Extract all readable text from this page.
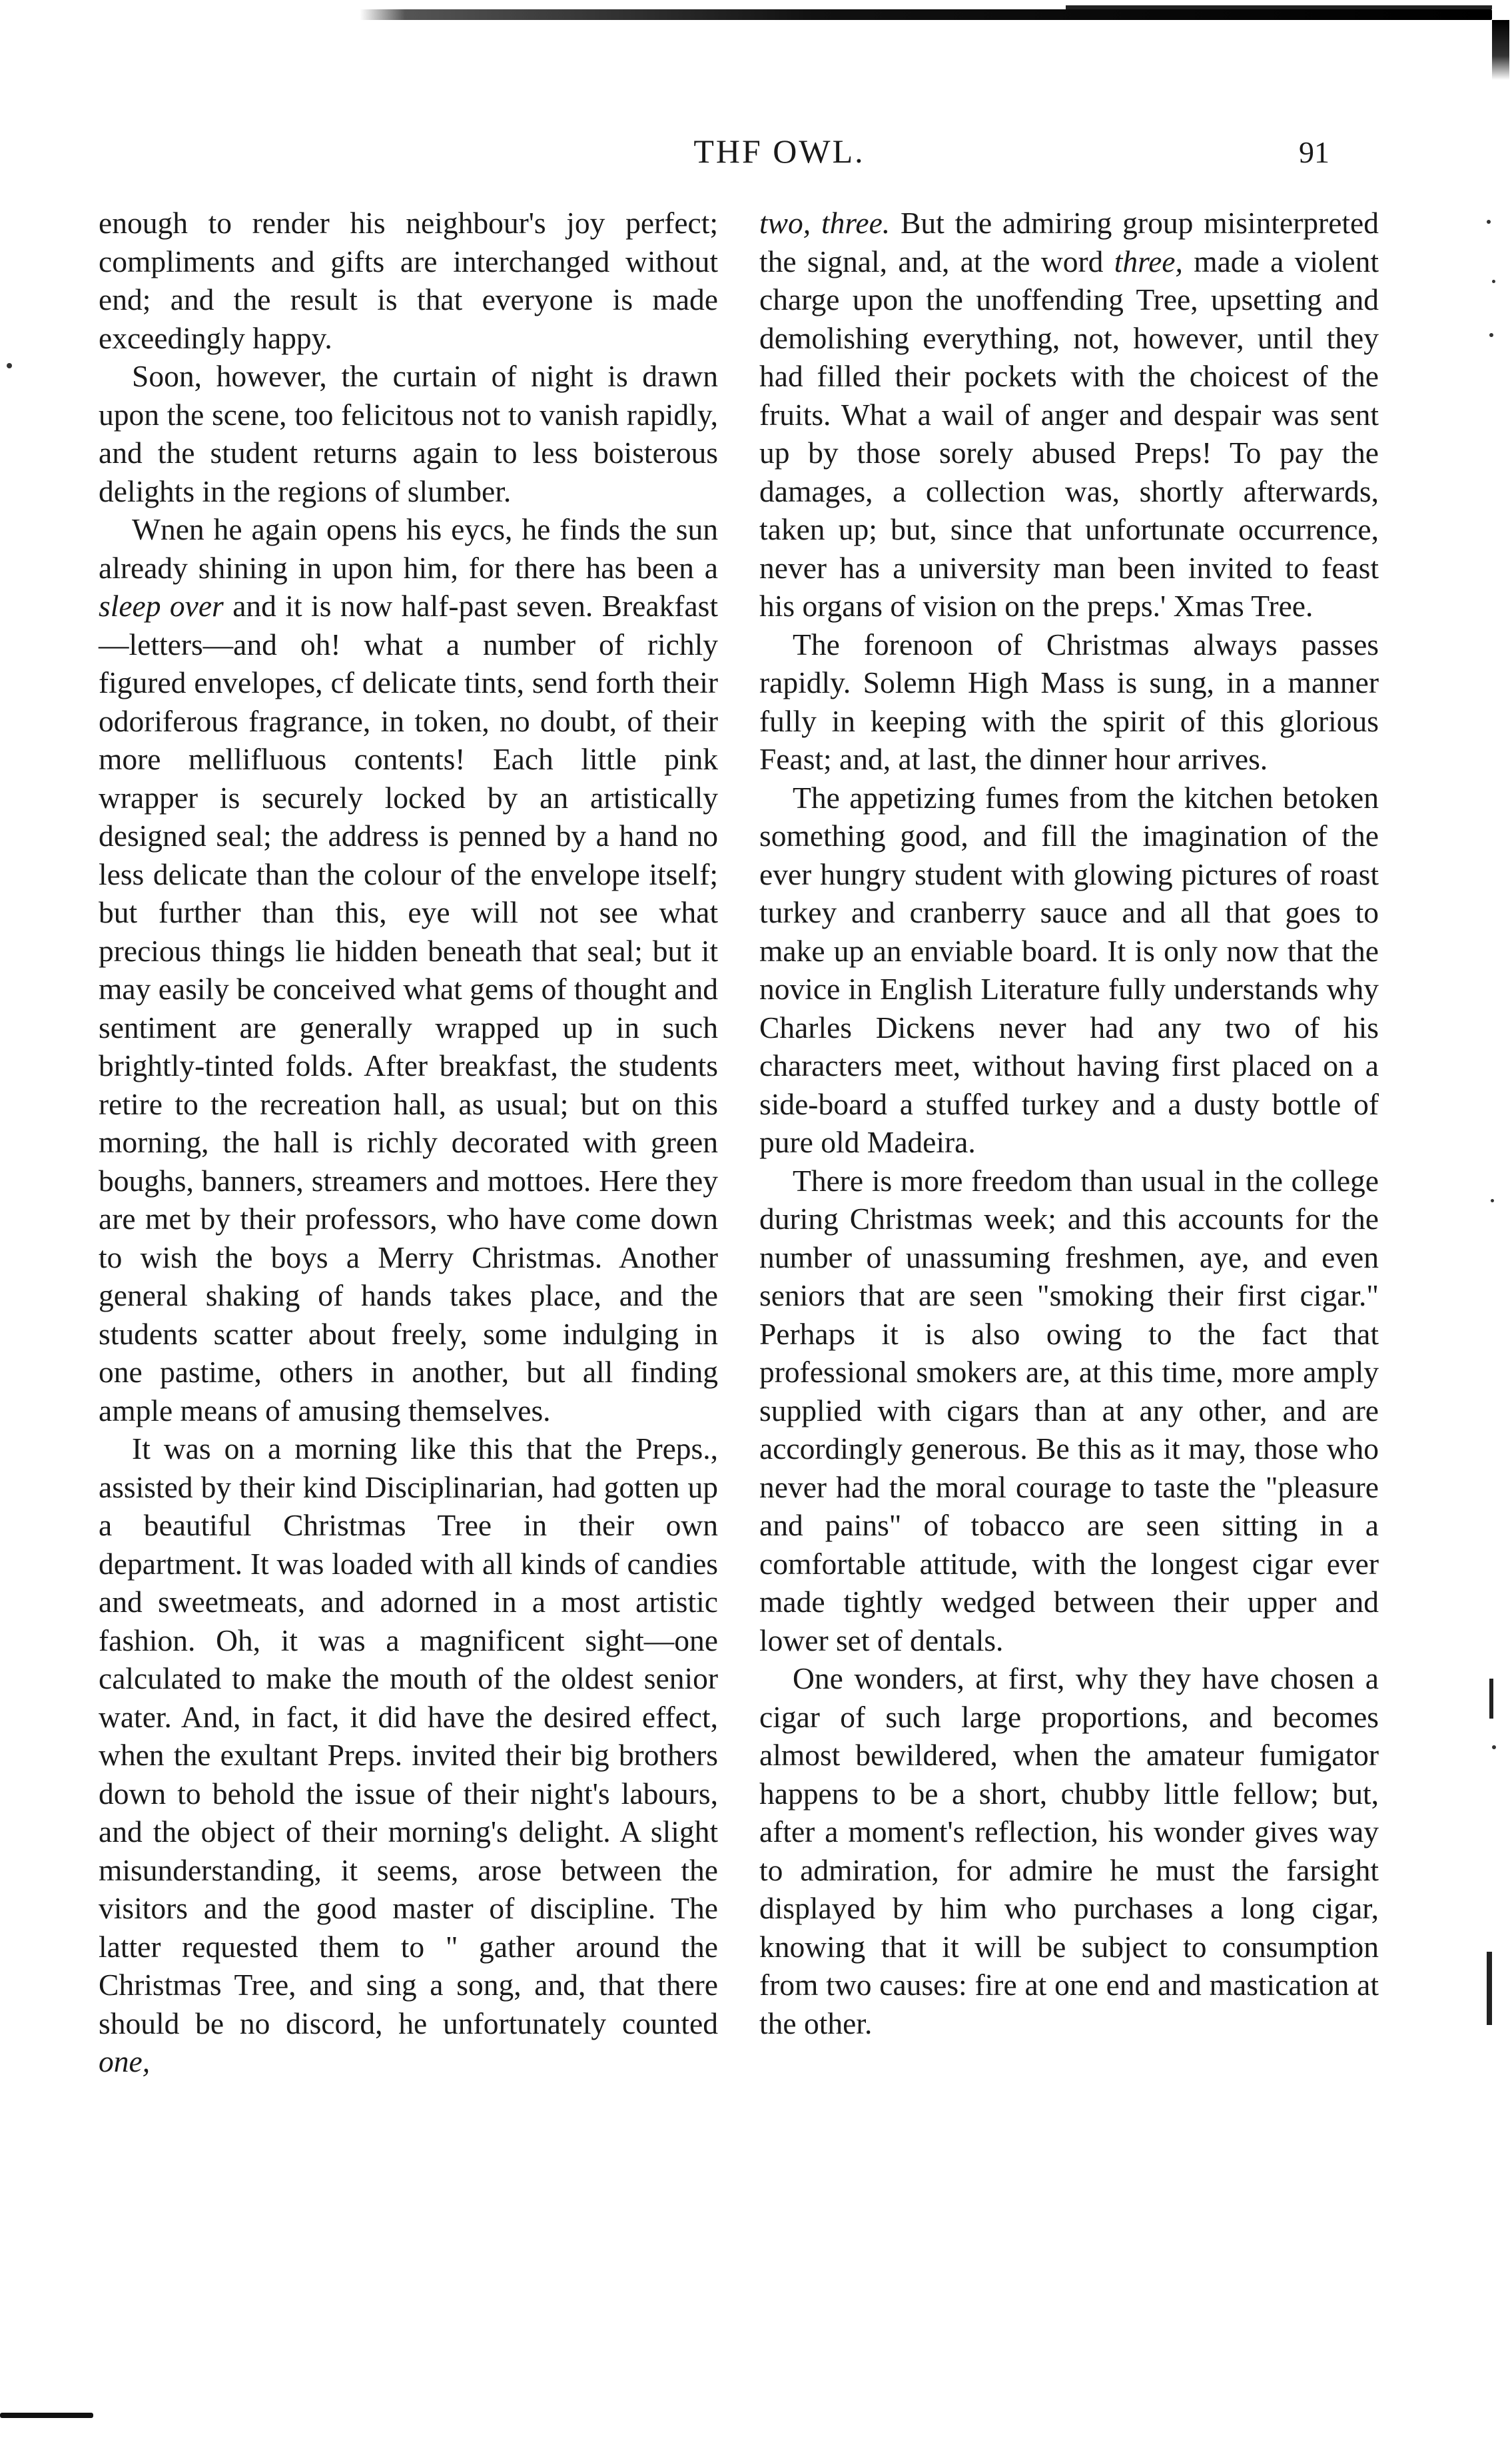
THF OWL.	91

enough to render his neighbour's joy perfect; compliments and gifts are interchanged without end; and the result is that everyone is made exceedingly happy.

Soon, however, the curtain of night is drawn upon the scene, too felicitous not to vanish rapidly, and the student returns again to less boisterous delights in the regions of slumber.

Wnen he again opens his eycs, he finds the sun already shining in upon him, for there has been a sleep over and it is now half-past seven. Breakfast—letters—and oh! what a number of richly figured envelopes, cf delicate tints, send forth their odoriferous fragrance, in token, no doubt, of their more mellifluous contents! Each little pink wrapper is securely locked by an artistically designed seal; the address is penned by a hand no less delicate than the colour of the envelope itself; but further than this, eye will not see what precious things lie hidden beneath that seal; but it may easily be conceived what gems of thought and sentiment are generally wrapped up in such brightly-tinted folds. After breakfast, the students retire to the recreation hall, as usual; but on this morning, the hall is richly decorated with green boughs, banners, streamers and mottoes. Here they are met by their professors, who have come down to wish the boys a Merry Christmas. Another general shaking of hands takes place, and the students scatter about freely, some indulging in one pastime, others in another, but all finding ample means of amusing themselves.

It was on a morning like this that the Preps., assisted by their kind Disciplinarian, had gotten up a beautiful Christmas Tree in their own department. It was loaded with all kinds of candies and sweetmeats, and adorned in a most artistic fashion. Oh, it was a magnificent sight—one calculated to make the mouth of the oldest senior water. And, in fact, it did have the desired effect, when the exultant Preps. invited their big brothers down to behold the issue of their night's labours, and the object of their morning's delight. A slight misunderstanding, it seems, arose between the visitors and the good master of discipline. The latter requested them to " gather around the Christmas Tree, and sing a song, and, that there should be no discord, he unfortunately counted one,

two, three. But the admiring group misinterpreted the signal, and, at the word three, made a violent charge upon the unoffending Tree, upsetting and demolishing everything, not, however, until they had filled their pockets with the choicest of the fruits. What a wail of anger and despair was sent up by those sorely abused Preps! To pay the damages, a collection was, shortly afterwards, taken up; but, since that unfortunate occurrence, never has a university man been invited to feast his organs of vision on the preps.' Xmas Tree.

The forenoon of Christmas always passes rapidly. Solemn High Mass is sung, in a manner fully in keeping with the spirit of this glorious Feast; and, at last, the dinner hour arrives.

The appetizing fumes from the kitchen betoken something good, and fill the imagination of the ever hungry student with glowing pictures of roast turkey and cranberry sauce and all that goes to make up an enviable board. It is only now that the novice in English Literature fully understands why Charles Dickens never had any two of his characters meet, without having first placed on a side-board a stuffed turkey and a dusty bottle of pure old Madeira.

There is more freedom than usual in the college during Christmas week; and this accounts for the number of unassuming freshmen, aye, and even seniors that are seen "smoking their first cigar." Perhaps it is also owing to the fact that professional smokers are, at this time, more amply supplied with cigars than at any other, and are accordingly generous. Be this as it may, those who never had the moral courage to taste the "pleasure and pains" of tobacco are seen sitting in a comfortable attitude, with the longest cigar ever made tightly wedged between their upper and lower set of dentals.

One wonders, at first, why they have chosen a cigar of such large proportions, and becomes almost bewildered, when the amateur fumigator happens to be a short, chubby little fellow; but, after a moment's reflection, his wonder gives way to admiration, for admire he must the farsight displayed by him who purchases a long cigar, knowing that it will be subject to consumption from two causes: fire at one end and mastication at the other.
